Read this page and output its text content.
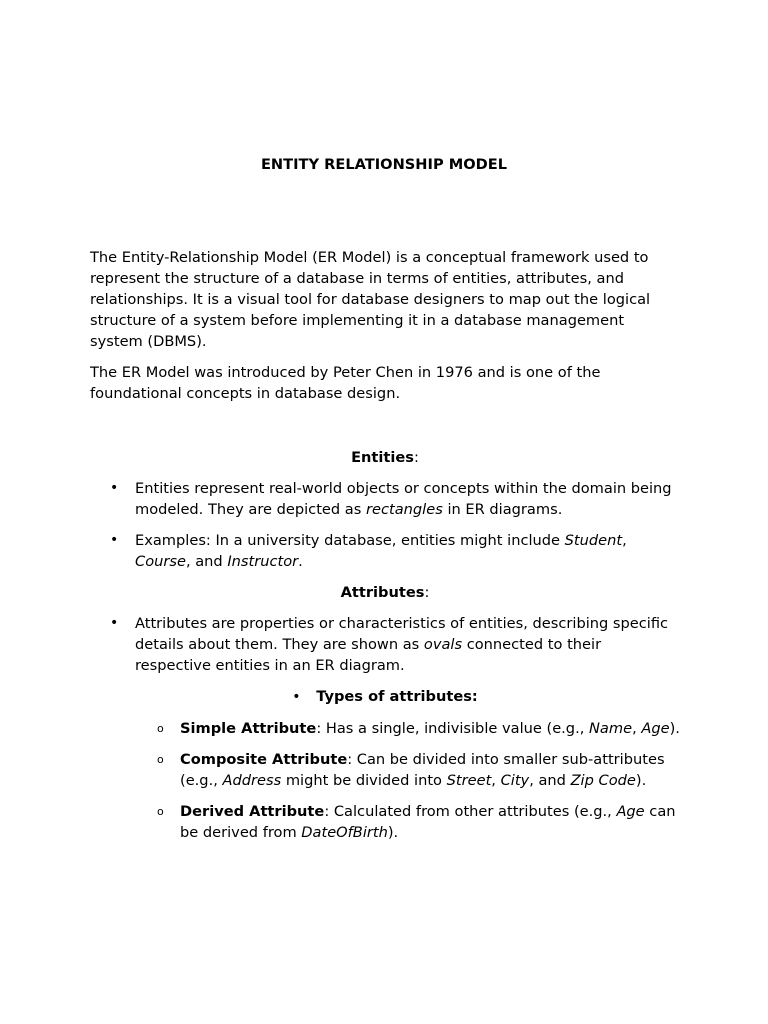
ENTITY RELATIONSHIP MODEL

The Entity-Relationship Model (ER Model) is a conceptual framework used to represent the structure of a database in terms of entities, attributes, and relationships. It is a visual tool for database designers to map out the logical structure of a system before implementing it in a database management system (DBMS).

The ER Model was introduced by Peter Chen in 1976 and is one of the foundational concepts in database design.

Entities:
• Entities represent real-world objects or concepts within the domain being modeled. They are depicted as rectangles in ER diagrams.
• Examples: In a university database, entities might include Student, Course, and Instructor.
Attributes:
• Attributes are properties or characteristics of entities, describing specific details about them. They are shown as ovals connected to their respective entities in an ER diagram.
• Types of attributes:
o Simple Attribute: Has a single, indivisible value (e.g., Name, Age).
o Composite Attribute: Can be divided into smaller sub-attributes (e.g., Address might be divided into Street, City, and Zip Code).
o Derived Attribute: Calculated from other attributes (e.g., Age can be derived from DateOfBirth).
